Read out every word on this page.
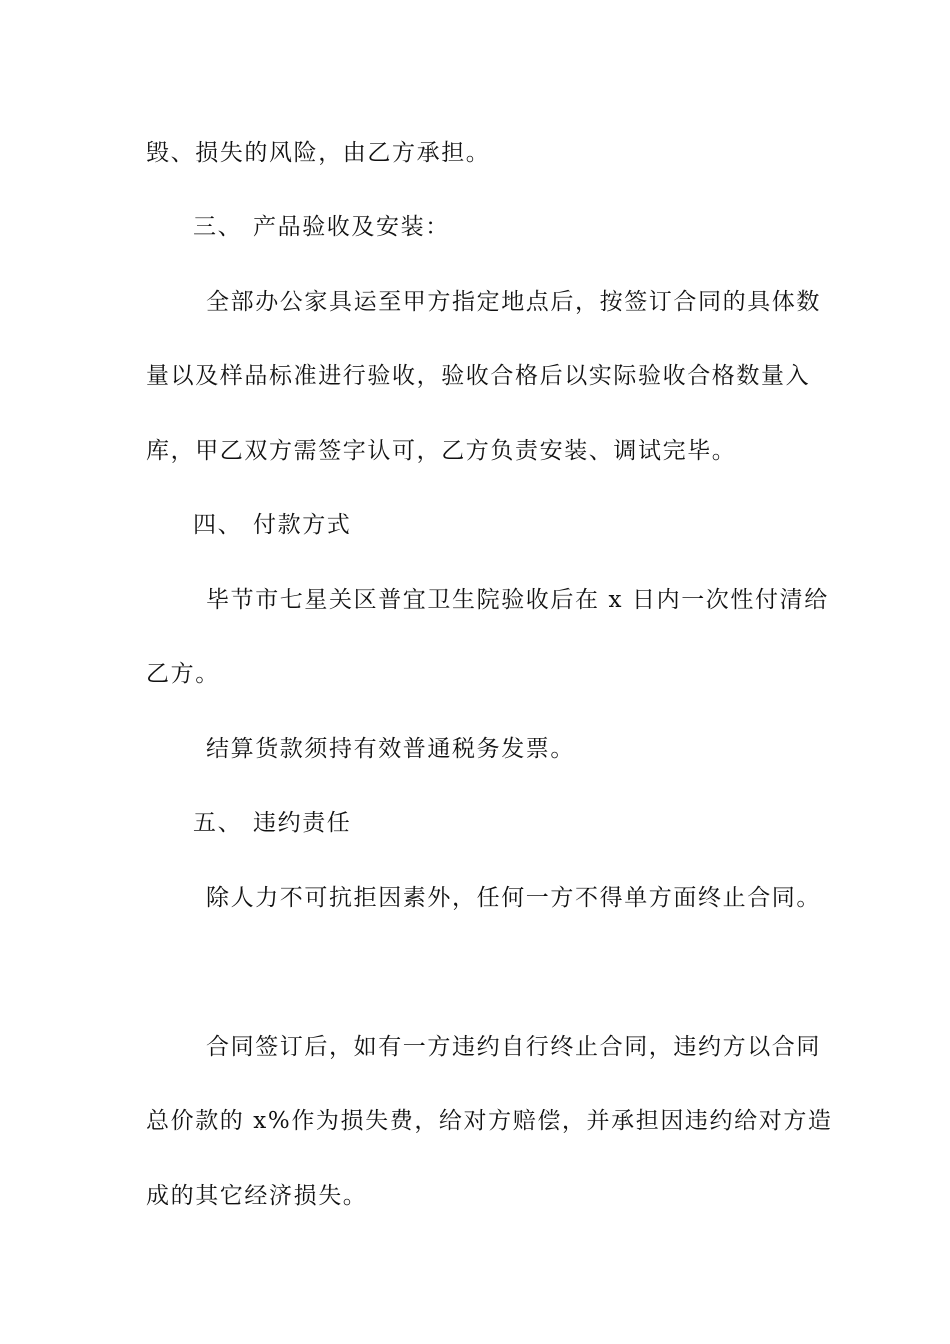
毁、损失的风险，由乙方承担。
三、 产品验收及安装：
全部办公家具运至甲方指定地点后，按签订合同的具体数
量以及样品标准进行验收，验收合格后以实际验收合格数量入
库，甲乙双方需签字认可，乙方负责安装、调试完毕。
四、 付款方式
毕节市七星关区普宜卫生院验收后在 x 日内一次性付清给
乙方。
结算货款须持有效普通税务发票。
五、 违约责任
除人力不可抗拒因素外，任何一方不得单方面终止合同。
合同签订后，如有一方违约自行终止合同，违约方以合同
总价款的 x%作为损失费，给对方赔偿，并承担因违约给对方造
成的其它经济损失。
